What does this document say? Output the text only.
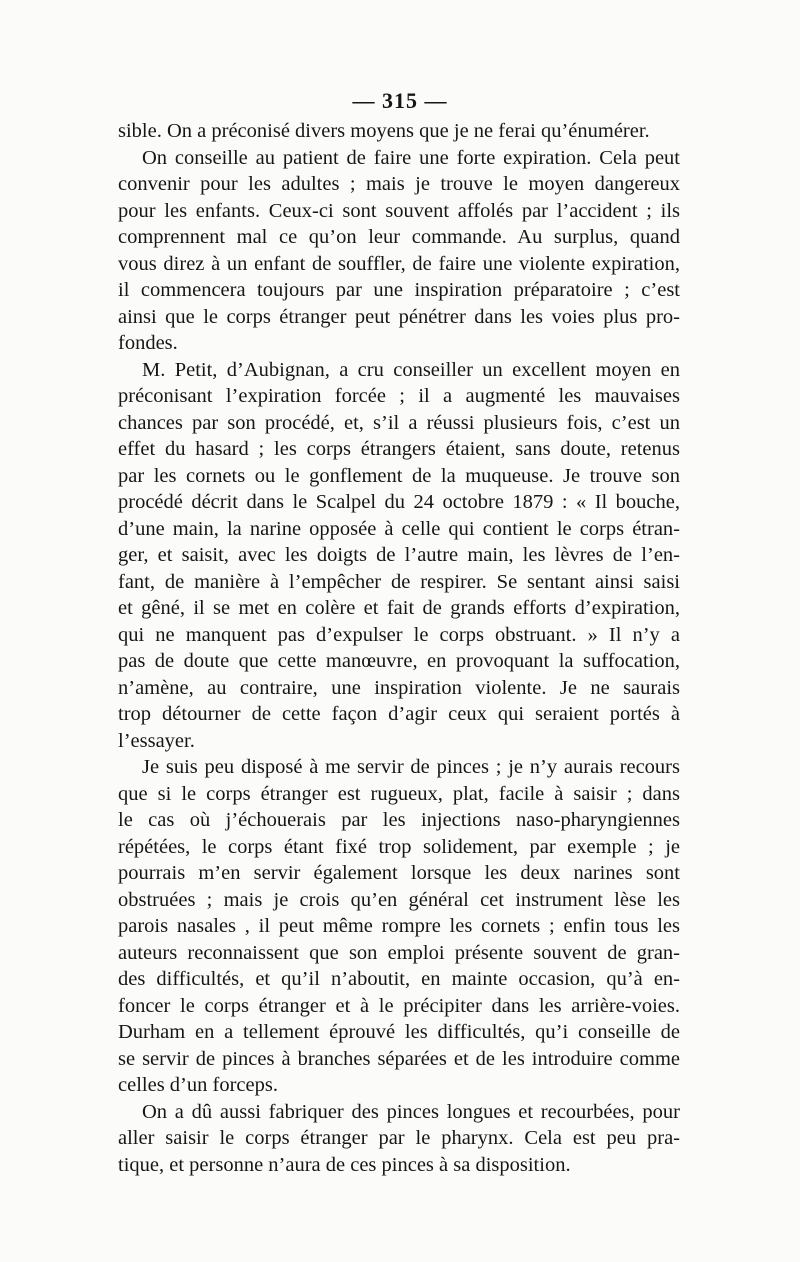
— 315 —

sible. On a préconisé divers moyens que je ne ferai qu’énumérer.

On conseille au patient de faire une forte expiration. Cela peut
convenir pour les adultes ; mais je trouve le moyen dangereux
pour les enfants. Ceux-ci sont souvent affolés par l’accident ; ils
comprennent mal ce qu’on leur commande. Au surplus, quand
vous direz à un enfant de souffler, de faire une violente expiration,
il commencera toujours par une inspiration préparatoire ; c’est
ainsi que le corps étranger peut pénétrer dans les voies plus pro-
fondes.

M. Petit, d’Aubignan, a cru conseiller un excellent moyen en
préconisant l’expiration forcée ; il a augmenté les mauvaises
chances par son procédé, et, s’il a réussi plusieurs fois, c’est un
effet du hasard ; les corps étrangers étaient, sans doute, retenus
par les cornets ou le gonflement de la muqueuse. Je trouve son
procédé décrit dans le Scalpel du 24 octobre 1879 : « Il bouche,
d’une main, la narine opposée à celle qui contient le corps étran-
ger, et saisit, avec les doigts de l’autre main, les lèvres de l’en-
fant, de manière à l’empêcher de respirer. Se sentant ainsi saisi
et gêné, il se met en colère et fait de grands efforts d’expiration,
qui ne manquent pas d’expulser le corps obstruant. » Il n’y a
pas de doute que cette manœuvre, en provoquant la suffocation,
n’amène, au contraire, une inspiration violente. Je ne saurais
trop détourner de cette façon d’agir ceux qui seraient portés à
l’essayer.

Je suis peu disposé à me servir de pinces ; je n’y aurais recours
que si le corps étranger est rugueux, plat, facile à saisir ; dans
le cas où j’échouerais par les injections naso-pharyngiennes
répétées, le corps étant fixé trop solidement, par exemple ; je
pourrais m’en servir également lorsque les deux narines sont
obstruées ; mais je crois qu’en général cet instrument lèse les
parois nasales , il peut même rompre les cornets ; enfin tous les
auteurs reconnaissent que son emploi présente souvent de gran-
des difficultés, et qu’il n’aboutit, en mainte occasion, qu’à en-
foncer le corps étranger et à le précipiter dans les arrière-voies.
Durham en a tellement éprouvé les difficultés, qu’i conseille de
se servir de pinces à branches séparées et de les introduire comme
celles d’un forceps.

On a dû aussi fabriquer des pinces longues et recourbées, pour
aller saisir le corps étranger par le pharynx. Cela est peu pra-
tique, et personne n’aura de ces pinces à sa disposition.
